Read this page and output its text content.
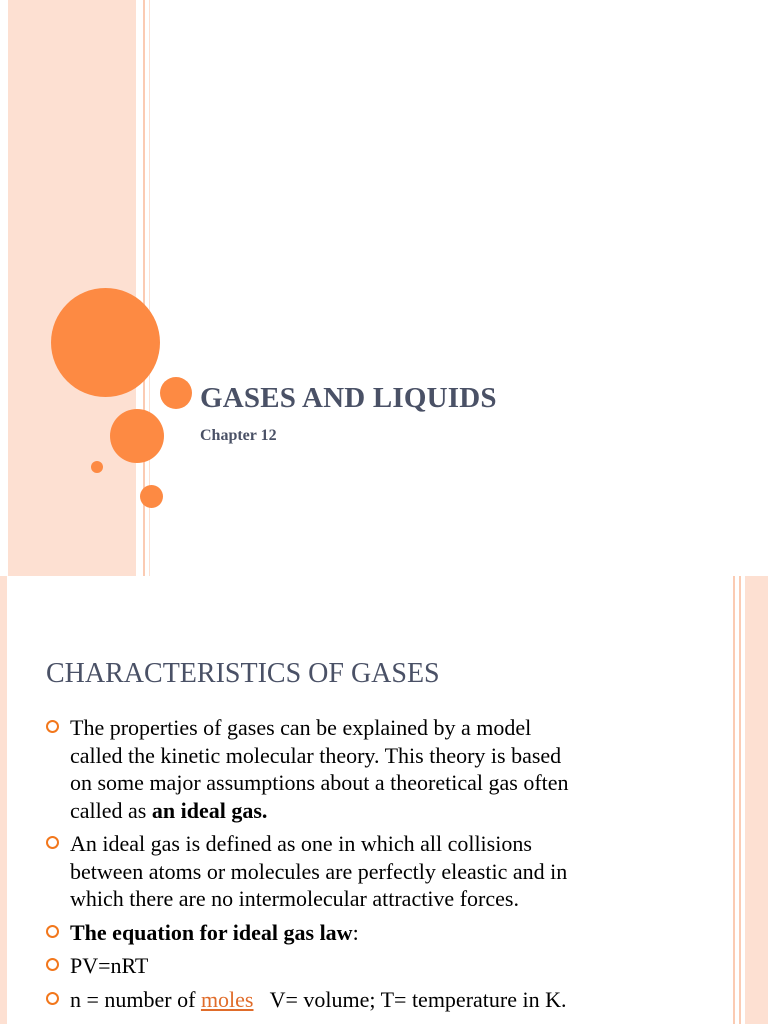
GASES AND LIQUIDS
Chapter 12
CHARACTERISTICS OF GASES
The properties of gases can be explained by a model
called the kinetic molecular theory. This theory is based
on some major assumptions about a theoretical gas often
called as an ideal gas.
An ideal gas is defined as one in which all collisions
between atoms or molecules are perfectly eleastic and in
which there are no intermolecular attractive forces.
The equation for ideal gas law:
PV=nRT
n = number of moles   V= volume; T= temperature in K.
